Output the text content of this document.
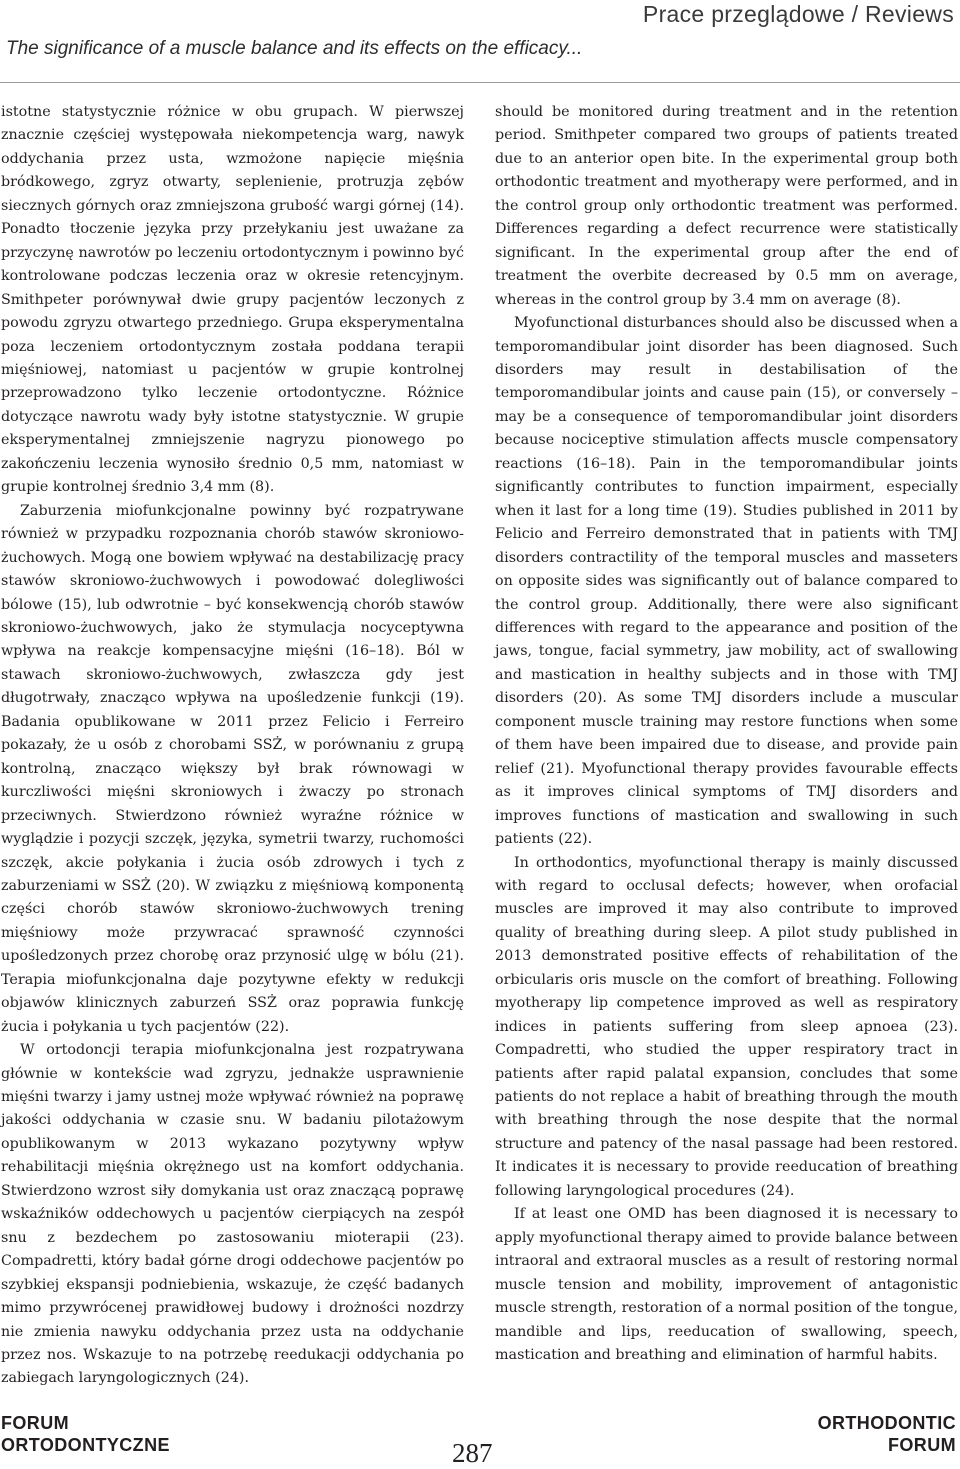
Prace przeglądowe / Reviews
The significance of a muscle balance and its effects on the efficacy...

istotne statystycznie różnice w obu grupach. W pierwszej znacznie częściej występowała niekompetencja warg, nawyk oddychania przez usta, wzmożone napięcie mięśnia bródkowego, zgryz otwarty, seplenienie, protruzja zębów siecznych górnych oraz zmniejszona grubość wargi górnej (14). Ponadto tłoczenie języka przy przełykaniu jest uważane za przyczynę nawrotów po leczeniu ortodontycznym i powinno być kontrolowane podczas leczenia oraz w okresie retencyjnym. Smithpeter porównywał dwie grupy pacjentów leczonych z powodu zgryzu otwartego przedniego. Grupa eksperymentalna poza leczeniem ortodontycznym została poddana terapii mięśniowej, natomiast u pacjentów w grupie kontrolnej przeprowadzono tylko leczenie ortodontyczne. Różnice dotyczące nawrotu wady były istotne statystycznie. W grupie eksperymentalnej zmniejszenie nagryzu pionowego po zakończeniu leczenia wynosiło średnio 0,5 mm, natomiast w grupie kontrolnej średnio 3,4 mm (8).

Zaburzenia miofunkcjonalne powinny być rozpatrywane również w przypadku rozpoznania chorób stawów skroniowo-żuchowych. Mogą one bowiem wpływać na destabilizację pracy stawów skroniowo-żuchwowych i powodować dolegliwości bólowe (15), lub odwrotnie – być konsekwencją chorób stawów skroniowo-żuchwowych, jako że stymulacja nocyceptywna wpływa na reakcje kompensacyjne mięśni (16–18). Ból w stawach skroniowo-żuchwowych, zwłaszcza gdy jest długotrwały, znacząco wpływa na upośledzenie funkcji (19). Badania opublikowane w 2011 przez Felicio i Ferreiro pokazały, że u osób z chorobami SSŻ, w porównaniu z grupą kontrolną, znacząco większy był brak równowagi w kurczliwości mięśni skroniowych i żwaczy po stronach przeciwnych. Stwierdzono również wyraźne różnice w wyglądzie i pozycji szczęk, języka, symetrii twarzy, ruchomości szczęk, akcie połykania i żucia osób zdrowych i tych z zaburzeniami w SSŻ (20). W związku z mięśniową komponentą części chorób stawów skroniowo-żuchwowych trening mięśniowy może przywracać sprawność czynności upośledzonych przez chorobę oraz przynosić ulgę w bólu (21). Terapia miofunkcjonalna daje pozytywne efekty w redukcji objawów klinicznych zaburzeń SSŻ oraz poprawia funkcję żucia i połykania u tych pacjentów (22).

W ortodoncji terapia miofunkcjonalna jest rozpatrywana głównie w kontekście wad zgryzu, jednakże usprawnienie mięśni twarzy i jamy ustnej może wpływać również na poprawę jakości oddychania w czasie snu. W badaniu pilotażowym opublikowanym w 2013 wykazano pozytywny wpływ rehabilitacji mięśnia okrężnego ust na komfort oddychania. Stwierdzono wzrost siły domykania ust oraz znaczącą poprawę wskaźników oddechowych u pacjentów cierpiących na zespół snu z bezdechem po zastosowaniu mioterapii (23). Compadretti, który badał górne drogi oddechowe pacjentów po szybkiej ekspansji podniebienia, wskazuje, że część badanych mimo przywrócenej prawidłowej budowy i drożności nozdrzy nie zmienia nawyku oddychania przez usta na oddychanie przez nos. Wskazuje to na potrzebę reedukacji oddychania po zabiegach laryngologicznych (24).

should be monitored during treatment and in the retention period. Smithpeter compared two groups of patients treated due to an anterior open bite. In the experimental group both orthodontic treatment and myotherapy were performed, and in the control group only orthodontic treatment was performed. Differences regarding a defect recurrence were statistically significant. In the experimental group after the end of treatment the overbite decreased by 0.5 mm on average, whereas in the control group by 3.4 mm on average (8).

Myofunctional disturbances should also be discussed when a temporomandibular joint disorder has been diagnosed. Such disorders may result in destabilisation of the temporomandibular joints and cause pain (15), or conversely – may be a consequence of temporomandibular joint disorders because nociceptive stimulation affects muscle compensatory reactions (16–18). Pain in the temporomandibular joints significantly contributes to function impairment, especially when it last for a long time (19). Studies published in 2011 by Felicio and Ferreiro demonstrated that in patients with TMJ disorders contractility of the temporal muscles and masseters on opposite sides was significantly out of balance compared to the control group. Additionally, there were also significant differences with regard to the appearance and position of the jaws, tongue, facial symmetry, jaw mobility, act of swallowing and mastication in healthy subjects and in those with TMJ disorders (20). As some TMJ disorders include a muscular component muscle training may restore functions when some of them have been impaired due to disease, and provide pain relief (21). Myofunctional therapy provides favourable effects as it improves clinical symptoms of TMJ disorders and improves functions of mastication and swallowing in such patients (22).

In orthodontics, myofunctional therapy is mainly discussed with regard to occlusal defects; however, when orofacial muscles are improved it may also contribute to improved quality of breathing during sleep. A pilot study published in 2013 demonstrated positive effects of rehabilitation of the orbicularis oris muscle on the comfort of breathing. Following myotherapy lip competence improved as well as respiratory indices in patients suffering from sleep apnoea (23). Compadretti, who studied the upper respiratory tract in patients after rapid palatal expansion, concludes that some patients do not replace a habit of breathing through the mouth with breathing through the nose despite that the normal structure and patency of the nasal passage had been restored. It indicates it is necessary to provide reeducation of breathing following laryngological procedures (24).

If at least one OMD has been diagnosed it is necessary to apply myofunctional therapy aimed to provide balance between intraoral and extraoral muscles as a result of restoring normal muscle tension and mobility, improvement of antagonistic muscle strength, restoration of a normal position of the tongue, mandible and lips, reeducation of swallowing, speech, mastication and breathing and elimination of harmful habits.

FORUM
ORTODONTYCZNE	287
ORTHODONTIC
FORUM
